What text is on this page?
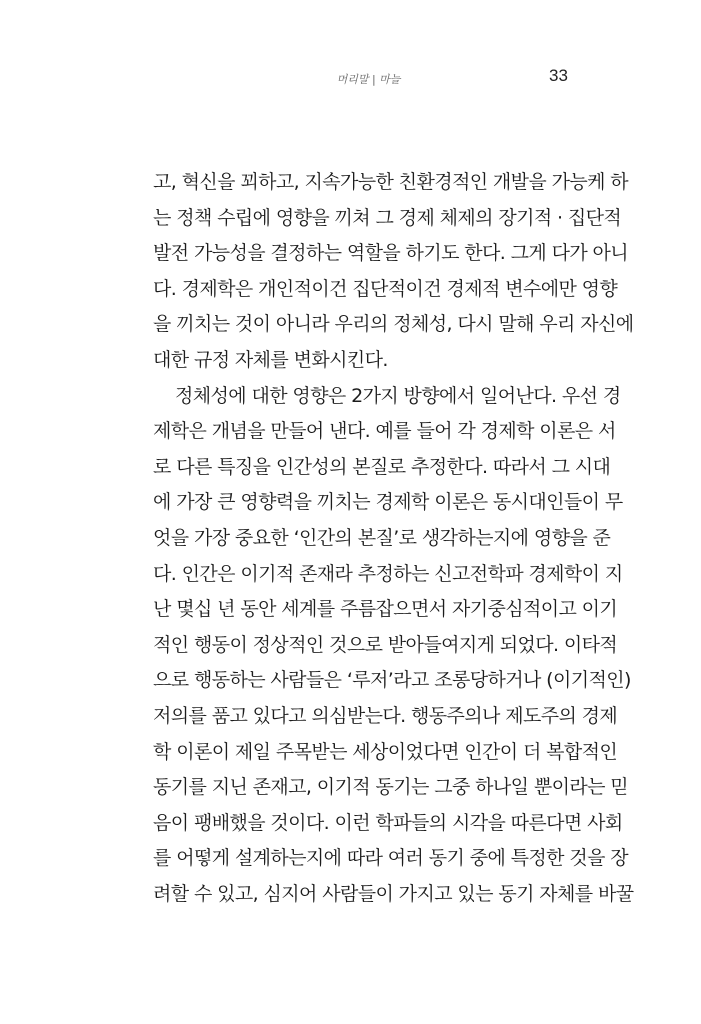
머리말 | 마늘	33
고, 혁신을 꾀하고, 지속가능한 친환경적인 개발을 가능케 하
는 정책 수립에 영향을 끼쳐 그 경제 체제의 장기적 · 집단적
발전 가능성을 결정하는 역할을 하기도 한다. 그게 다가 아니
다. 경제학은 개인적이건 집단적이건 경제적 변수에만 영향
을 끼치는 것이 아니라 우리의 정체성, 다시 말해 우리 자신에
대한 규정 자체를 변화시킨다.
정체성에 대한 영향은 2가지 방향에서 일어난다. 우선 경
제학은 개념을 만들어 낸다. 예를 들어 각 경제학 이론은 서
로 다른 특징을 인간성의 본질로 추정한다. 따라서 그 시대
에 가장 큰 영향력을 끼치는 경제학 이론은 동시대인들이 무
엇을 가장 중요한 ‘인간의 본질’로 생각하는지에 영향을 준
다. 인간은 이기적 존재라 추정하는 신고전학파 경제학이 지
난 몇십 년 동안 세계를 주름잡으면서 자기중심적이고 이기
적인 행동이 정상적인 것으로 받아들여지게 되었다. 이타적
으로 행동하는 사람들은 ‘루저’라고 조롱당하거나 (이기적인)
저의를 품고 있다고 의심받는다. 행동주의나 제도주의 경제
학 이론이 제일 주목받는 세상이었다면 인간이 더 복합적인
동기를 지닌 존재고, 이기적 동기는 그중 하나일 뿐이라는 믿
음이 팽배했을 것이다. 이런 학파들의 시각을 따른다면 사회
를 어떻게 설계하는지에 따라 여러 동기 중에 특정한 것을 장
려할 수 있고, 심지어 사람들이 가지고 있는 동기 자체를 바꿀
